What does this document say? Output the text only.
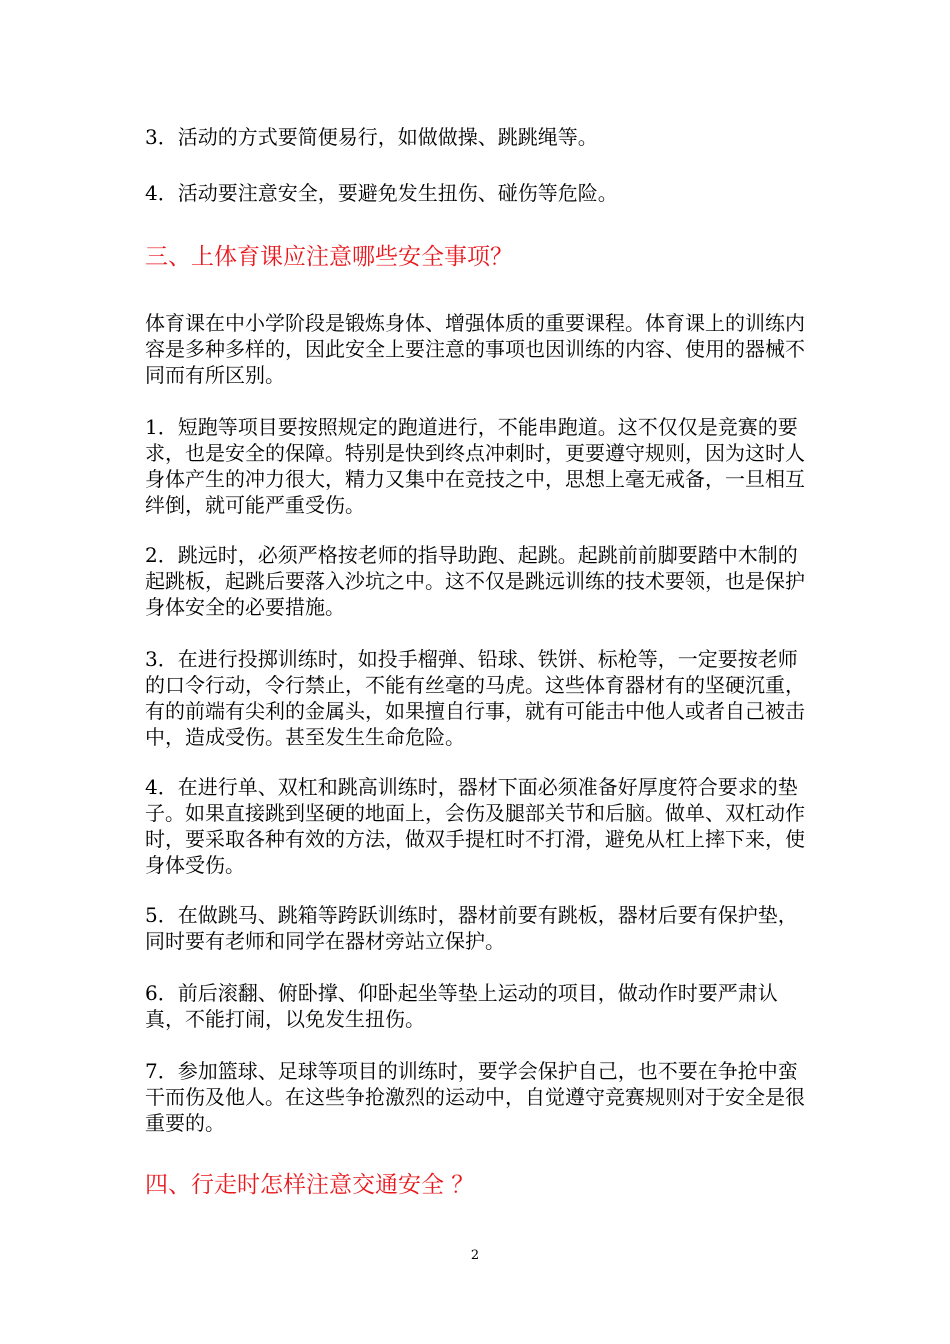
3．活动的方式要简便易行，如做做操、跳跳绳等。

4．活动要注意安全，要避免发生扭伤、碰伤等危险。

三、上体育课应注意哪些安全事项？

体育课在中小学阶段是锻炼身体、增强体质的重要课程。体育课上的训练内容是多种多样的，因此安全上要注意的事项也因训练的内容、使用的器械不同而有所区别。

1．短跑等项目要按照规定的跑道进行，不能串跑道。这不仅仅是竞赛的要求，也是安全的保障。特别是快到终点冲刺时，更要遵守规则，因为这时人身体产生的冲力很大，精力又集中在竞技之中，思想上毫无戒备，一旦相互绊倒，就可能严重受伤。

2．跳远时，必须严格按老师的指导助跑、起跳。起跳前前脚要踏中木制的起跳板，起跳后要落入沙坑之中。这不仅是跳远训练的技术要领，也是保护身体安全的必要措施。

3．在进行投掷训练时，如投手榴弹、铅球、铁饼、标枪等，一定要按老师的口令行动，令行禁止，不能有丝毫的马虎。这些体育器材有的坚硬沉重，有的前端有尖利的金属头，如果擅自行事，就有可能击中他人或者自己被击中，造成受伤。甚至发生生命危险。

4．在进行单、双杠和跳高训练时，器材下面必须准备好厚度符合要求的垫子。如果直接跳到坚硬的地面上，会伤及腿部关节和后脑。做单、双杠动作时，要采取各种有效的方法，做双手提杠时不打滑，避免从杠上摔下来，使身体受伤。

5．在做跳马、跳箱等跨跃训练时，器材前要有跳板，器材后要有保护垫，同时要有老师和同学在器材旁站立保护。

6．前后滚翻、俯卧撑、仰卧起坐等垫上运动的项目，做动作时要严肃认真，不能打闹，以免发生扭伤。

7．参加篮球、足球等项目的训练时，要学会保护自己，也不要在争抢中蛮干而伤及他人。在这些争抢激烈的运动中，自觉遵守竞赛规则对于安全是很重要的。

四、行走时怎样注意交通安全 ？
2
